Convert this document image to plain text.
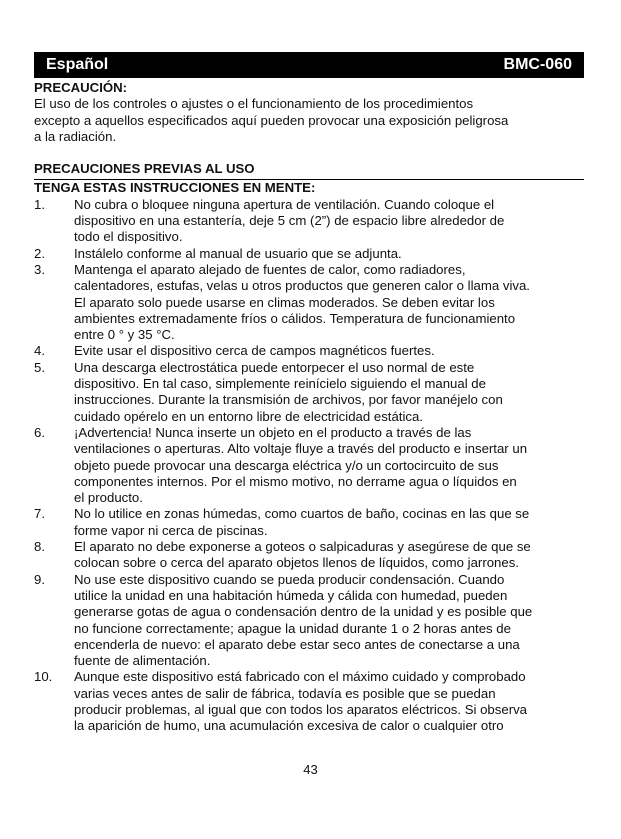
Español	BMC-060
PRECAUCIÓN:

El uso de los controles o ajustes o el funcionamiento de los procedimientos

excepto a aquellos especificados aquí pueden provocar una exposición peligrosa

a la radiación.

PRECAUCIONES PREVIAS AL USO
TENGA ESTAS INSTRUCCIONES EN MENTE:
1.	No cubra o bloquee ninguna apertura de ventilación. Cuando coloque el
dispositivo en una estantería, deje 5 cm (2”) de espacio libre alrededor de
todo el dispositivo.
2.	Instálelo conforme al manual de usuario que se adjunta.
3.	Mantenga el aparato alejado de fuentes de calor, como radiadores,
calentadores, estufas, velas u otros productos que generen calor o llama viva.
El aparato solo puede usarse en climas moderados. Se deben evitar los
ambientes extremadamente fríos o cálidos. Temperatura de funcionamiento
entre 0 ° y 35 °C.
4.	Evite usar el dispositivo cerca de campos magnéticos fuertes.
5.	Una descarga electrostática puede entorpecer el uso normal de este
dispositivo. En tal caso, simplemente reinícielo siguiendo el manual de
instrucciones. Durante la transmisión de archivos, por favor manéjelo con
cuidado opérelo en un entorno libre de electricidad estática.
6.	¡Advertencia! Nunca inserte un objeto en el producto a través de las
ventilaciones o aperturas. Alto voltaje fluye a través del producto e insertar un
objeto puede provocar una descarga eléctrica y/o un cortocircuito de sus
componentes internos. Por el mismo motivo, no derrame agua o líquidos en
el producto.
7.	No lo utilice en zonas húmedas, como cuartos de baño, cocinas en las que se
forme vapor ni cerca de piscinas.
8.	El aparato no debe exponerse a goteos o salpicaduras y asegúrese de que se
colocan sobre o cerca del aparato objetos llenos de líquidos, como jarrones.
9.	No use este dispositivo cuando se pueda producir condensación. Cuando
utilice la unidad en una habitación húmeda y cálida con humedad, pueden
generarse gotas de agua o condensación dentro de la unidad y es posible que
no funcione correctamente; apague la unidad durante 1 o 2 horas antes de
encenderla de nuevo: el aparato debe estar seco antes de conectarse a una
fuente de alimentación.
10.	Aunque este dispositivo está fabricado con el máximo cuidado y comprobado
varias veces antes de salir de fábrica, todavía es posible que se puedan
producir problemas, al igual que con todos los aparatos eléctricos. Si observa
la aparición de humo, una acumulación excesiva de calor o cualquier otro
43
